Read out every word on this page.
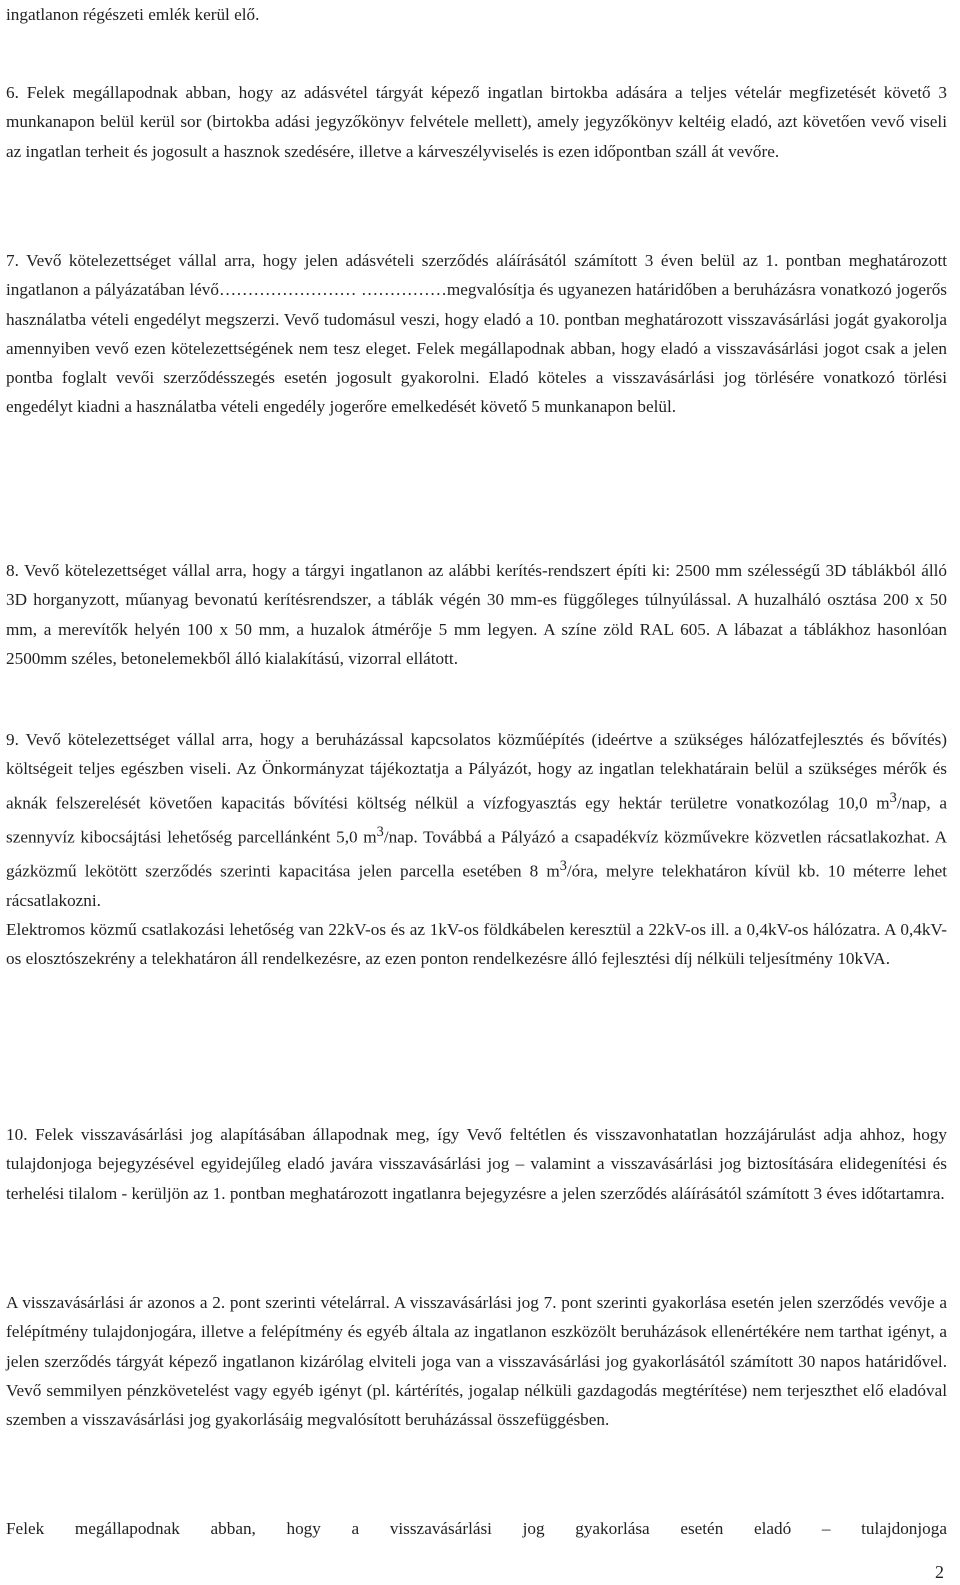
ingatlanon régészeti emlék kerül elő.

6. Felek megállapodnak abban, hogy az adásvétel tárgyát képező ingatlan birtokba adására a teljes vételár megfizetését követő 3 munkanapon belül kerül sor (birtokba adási jegyzőkönyv felvétele mellett), amely jegyzőkönyv keltéig eladó, azt követően vevő viseli az ingatlan terheit és jogosult a hasznok szedésére, illetve a kárveszélyviselés is ezen időpontban száll át vevőre.

7. Vevő kötelezettséget vállal arra, hogy jelen adásvételi szerződés aláírásától számított 3 éven belül az 1. pontban meghatározott ingatlanon a pályázatában lévő…………………… ……………megvalósítja és ugyanezen határidőben a beruházásra vonatkozó jogerős használatba vételi engedélyt megszerzi. Vevő tudomásul veszi, hogy eladó a 10. pontban meghatározott visszavásárlási jogát gyakorolja amennyiben vevő ezen kötelezettségének nem tesz eleget. Felek megállapodnak abban, hogy eladó a visszavásárlási jogot csak a jelen pontba foglalt vevői szerződésszegés esetén jogosult gyakorolni. Eladó köteles a visszavásárlási jog törlésére vonatkozó törlési engedélyt kiadni a használatba vételi engedély jogerőre emelkedését követő 5 munkanapon belül.

8. Vevő kötelezettséget vállal arra, hogy a tárgyi ingatlanon az alábbi kerítés-rendszert építi ki: 2500 mm szélességű 3D táblákból álló 3D horganyzott, műanyag bevonatú kerítésrendszer, a táblák végén 30 mm-es függőleges túlnyúlással. A huzalháló osztása 200 x 50 mm, a merevítők helyén 100 x 50 mm, a huzalok átmérője 5 mm legyen. A színe zöld RAL 605. A lábazat a táblákhoz hasonlóan 2500mm széles, betonelemekből álló kialakítású, vizorral ellátott.

9. Vevő kötelezettséget vállal arra, hogy a beruházással kapcsolatos közműépítés (ideértve a szükséges hálózatfejlesztés és bővítés) költségeit teljes egészben viseli. Az Önkormányzat tájékoztatja a Pályázót, hogy az ingatlan telekhatárain belül a szükséges mérők és aknák felszerelését követően kapacitás bővítési költség nélkül a vízfogyasztás egy hektár területre vonatkozólag 10,0 $m^3$/nap, a szennyvíz kibocsájtási lehetőség parcellánként 5,0 $m^3$/nap. Továbbá a Pályázó a csapadékvíz közművekre közvetlen rácsatlakozhat. A gázközmű lekötött szerződés szerinti kapacitása jelen parcella esetében 8 $m^3$/óra, melyre telekhatáron kívül kb. 10 méterre lehet rácsatlakozni.
Elektromos közmű csatlakozási lehetőség van 22kV-os és az 1kV-os földkábelen keresztül a 22kV-os ill. a 0,4kV-os hálózatra. A 0,4kV-os elosztószekrény a telekhatáron áll rendelkezésre, az ezen ponton rendelkezésre álló fejlesztési díj nélküli teljesítmény 10kVA.

10. Felek visszavásárlási jog alapításában állapodnak meg, így Vevő feltétlen és visszavonhatatlan hozzájárulást adja ahhoz, hogy tulajdonjoga bejegyzésével egyidejűleg eladó javára visszavásárlási jog – valamint a visszavásárlási jog biztosítására elidegenítési és terhelési tilalom - kerüljön az 1. pontban meghatározott ingatlanra bejegyzésre a jelen szerződés aláírásától számított 3 éves időtartamra.

A visszavásárlási ár azonos a 2. pont szerinti vételárral. A visszavásárlási jog 7. pont szerinti gyakorlása esetén jelen szerződés vevője a felépítmény tulajdonjogára, illetve a felépítmény és egyéb általa az ingatlanon eszközölt beruházások ellenértékére nem tarthat igényt, a jelen szerződés tárgyát képező ingatlanon kizárólag elviteli joga van a visszavásárlási jog gyakorlásától számított 30 napos határidővel. Vevő semmilyen pénzkövetelést vagy egyéb igényt (pl. kártérítés, jogalap nélküli gazdagodás megtérítése) nem terjeszthet elő eladóval szemben a visszavásárlási jog gyakorlásáig megvalósított beruházással összefüggésben.

Felek megállapodnak abban, hogy a visszavásárlási jog gyakorlása esetén eladó – tulajdonjoga

2
